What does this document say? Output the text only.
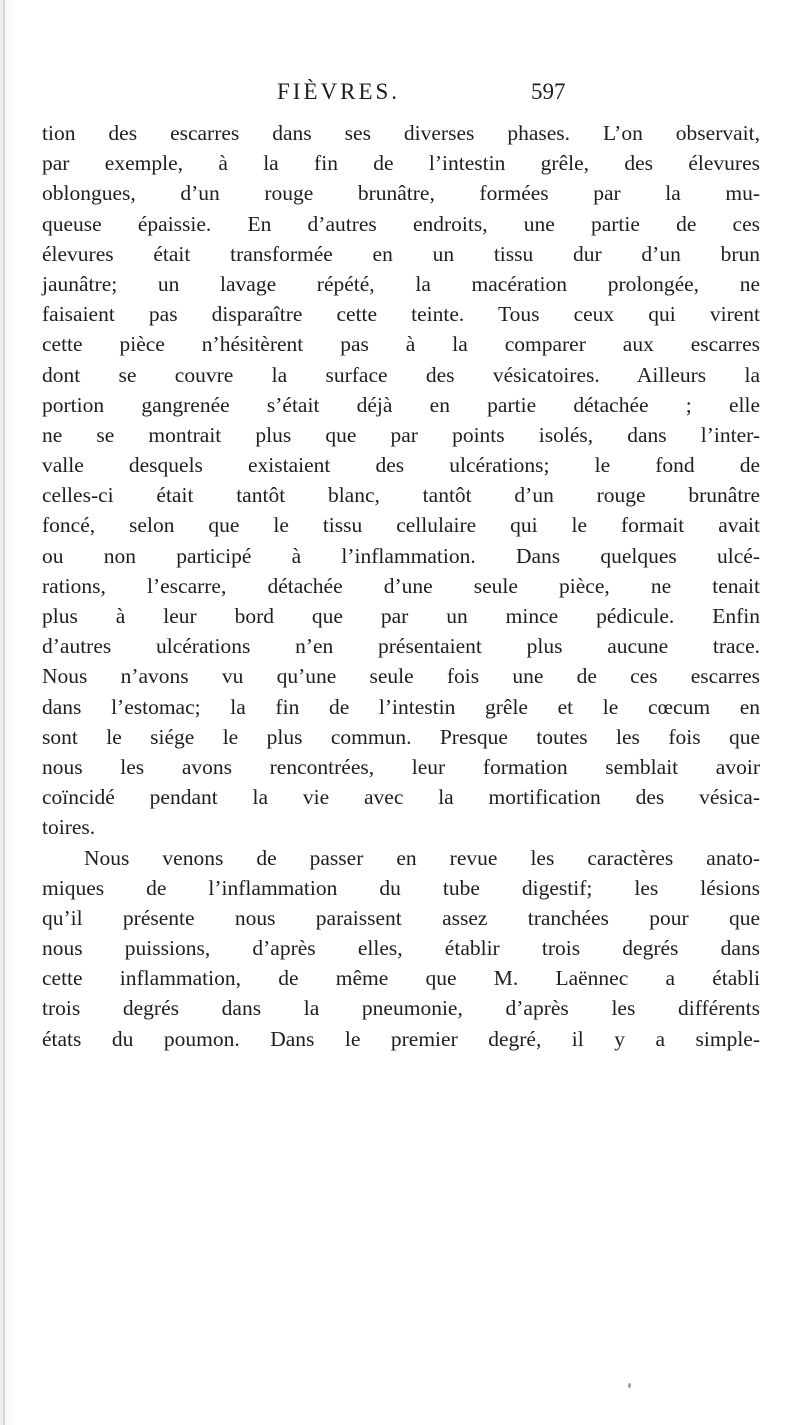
FIÈVRES.	597
tion des escarres dans ses diverses phases. L’on observait,
par exemple, à la fin de l’intestin grêle, des élevures
oblongues, d’un rouge brunâtre, formées par la mu-
queuse épaissie. En d’autres endroits, une partie de ces
élevures était transformée en un tissu dur d’un brun
jaunâtre; un lavage répété, la macération prolongée, ne
faisaient pas disparaître cette teinte. Tous ceux qui virent
cette pièce n’hésitèrent pas à la comparer aux escarres
dont se couvre la surface des vésicatoires. Ailleurs la
portion gangrenée s’était déjà en partie détachée ; elle
ne se montrait plus que par points isolés, dans l’inter-
valle desquels existaient des ulcérations; le fond de
celles-ci était tantôt blanc, tantôt d’un rouge brunâtre
foncé, selon que le tissu cellulaire qui le formait avait
ou non participé à l’inflammation. Dans quelques ulcé-
rations, l’escarre, détachée d’une seule pièce, ne tenait
plus à leur bord que par un mince pédicule. Enfin
d’autres ulcérations n’en présentaient plus aucune trace.
Nous n’avons vu qu’une seule fois une de ces escarres
dans l’estomac; la fin de l’intestin grêle et le cœcum en
sont le siége le plus commun. Presque toutes les fois que
nous les avons rencontrées, leur formation semblait avoir
coïncidé pendant la vie avec la mortification des vésica-
toires.
Nous venons de passer en revue les caractères anato-
miques de l’inflammation du tube digestif; les lésions
qu’il présente nous paraissent assez tranchées pour que
nous puissions, d’après elles, établir trois degrés dans
cette inflammation, de même que M. Laënnec a établi
trois degrés dans la pneumonie, d’après les différents
états du poumon. Dans le premier degré, il y a simple-
